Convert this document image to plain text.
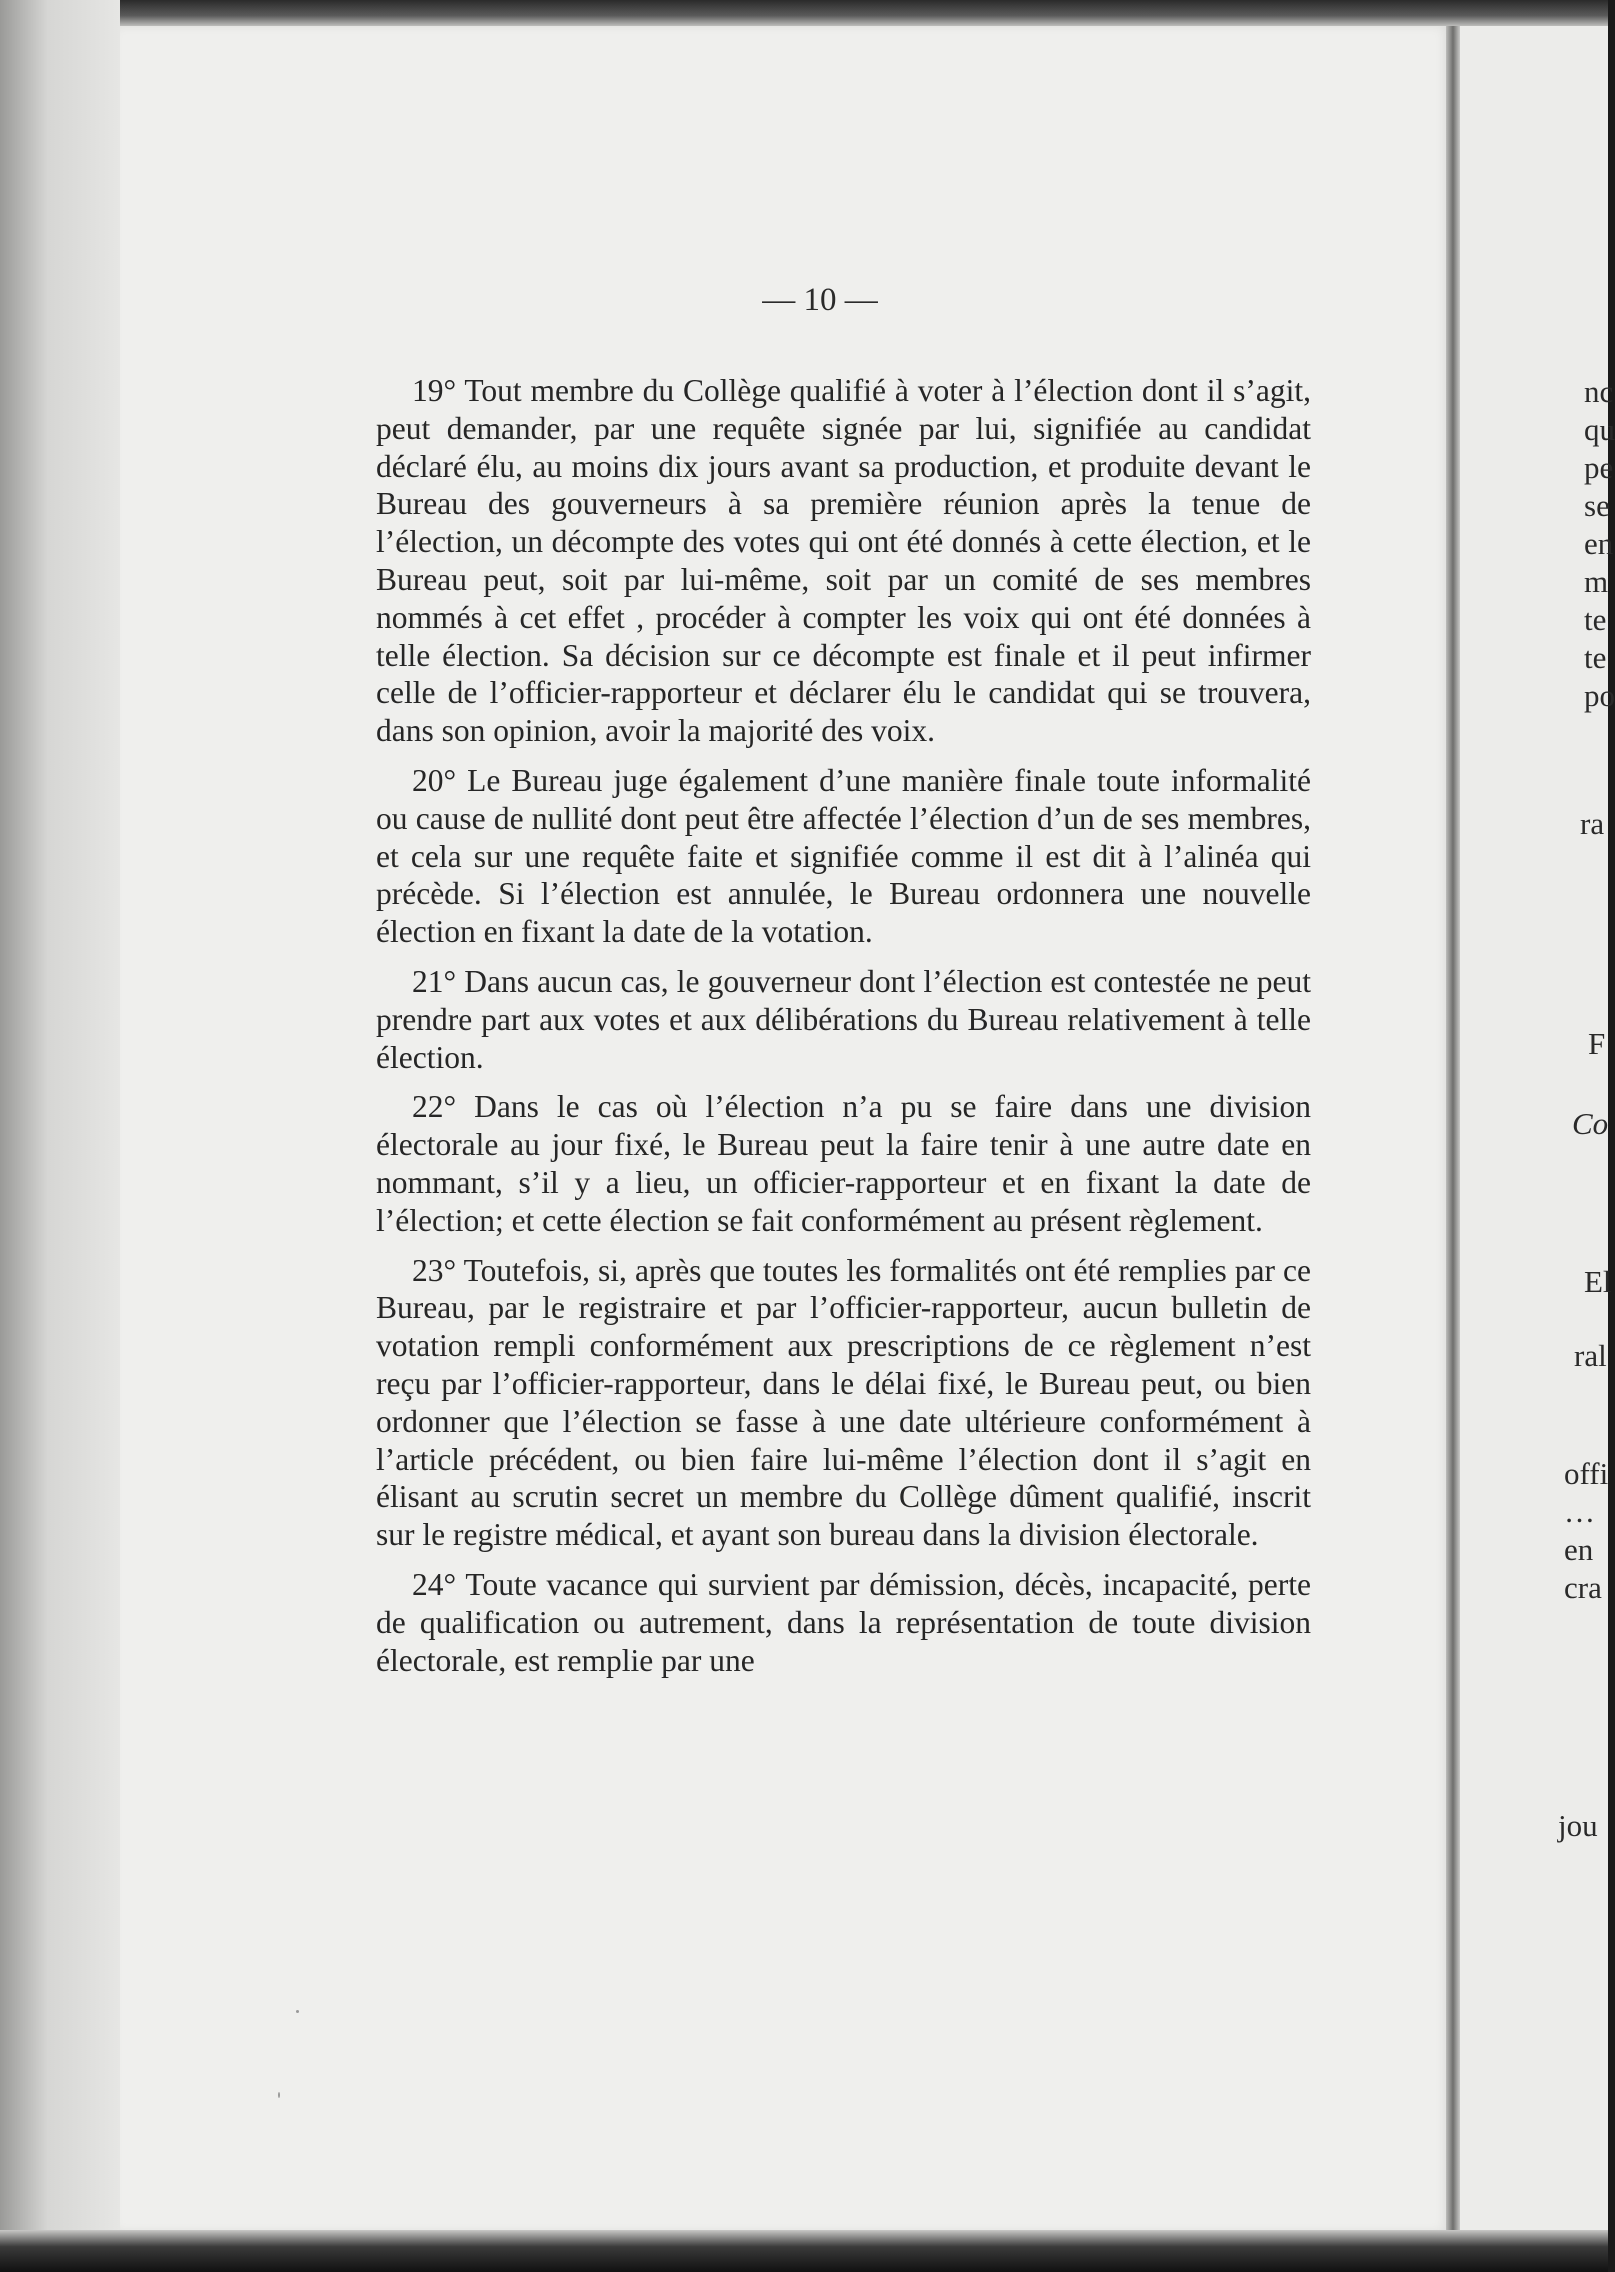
nc
qu
pe
se
en
m
te
te
po
ra
F
Co
El
ral
offi
…
en
cra
jou
— 10 —

19° Tout membre du Collège qualifié à voter à l’élection dont il s’agit, peut demander, par une requête signée par lui, signifiée au candidat déclaré élu, au moins dix jours avant sa production, et produite devant le Bureau des gouverneurs à sa première réunion après la tenue de l’élection, un décompte des votes qui ont été donnés à cette élection, et le Bureau peut, soit par lui-même, soit par un comité de ses membres nommés à cet effet , procéder à compter les voix qui ont été données à telle élection. Sa décision sur ce décompte est finale et il peut infirmer celle de l’officier-rapporteur et déclarer élu le candidat qui se trouvera, dans son opinion, avoir la majorité des voix.

20° Le Bureau juge également d’une manière finale toute informalité ou cause de nullité dont peut être affectée l’élection d’un de ses membres, et cela sur une requête faite et signifiée comme il est dit à l’alinéa qui précède. Si l’élection est annulée, le Bureau ordonnera une nouvelle élection en fixant la date de la votation.

21° Dans aucun cas, le gouverneur dont l’élection est contestée ne peut prendre part aux votes et aux délibérations du Bureau relativement à telle élection.

22° Dans le cas où l’élection n’a pu se faire dans une division électorale au jour fixé, le Bureau peut la faire tenir à une autre date en nommant, s’il y a lieu, un officier-rapporteur et en fixant la date de l’élection; et cette élection se fait conformément au présent règlement.

23° Toutefois, si, après que toutes les formalités ont été remplies par ce Bureau, par le registraire et par l’officier-rapporteur, aucun bulletin de votation rempli conformément aux prescriptions de ce règlement n’est reçu par l’officier-rapporteur, dans le délai fixé, le Bureau peut, ou bien ordonner que l’élection se fasse à une date ultérieure conformément à l’article précédent, ou bien faire lui-même l’élection dont il s’agit en élisant au scrutin secret un membre du Collège dûment qualifié, inscrit sur le registre médical, et ayant son bureau dans la division électorale.

24° Toute vacance qui survient par démission, décès, incapacité, perte de qualification ou autrement, dans la représentation de toute division électorale, est remplie par une
